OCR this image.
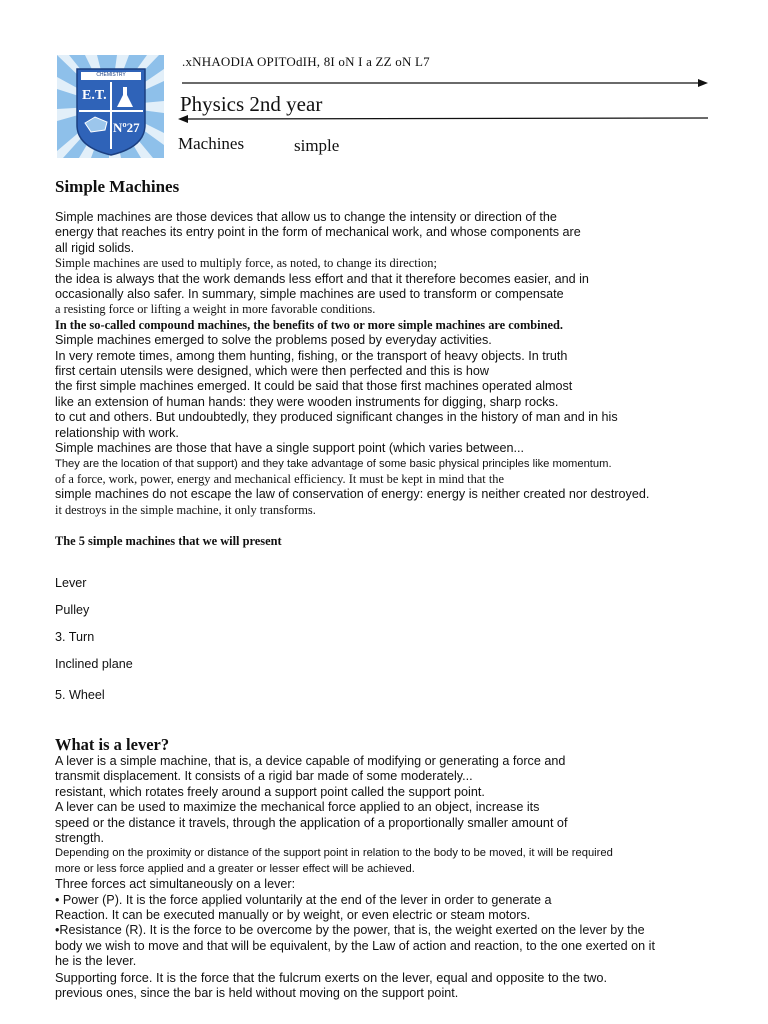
CHEMISTRY
E.T.
Nº27
.xNHAODIA OPITOdIH, 8I oN I a ZZ oN L7
Physics 2nd year
Machines	simple
Simple Machines
Simple machines are those devices that allow us to change the intensity or direction of the
energy that reaches its entry point in the form of mechanical work, and whose components are
all rigid solids.
Simple machines are used to multiply force, as noted, to change its direction;
the idea is always that the work demands less effort and that it therefore becomes easier, and in
occasionally also safer. In summary, simple machines are used to transform or compensate
a resisting force or lifting a weight in more favorable conditions.
In the so-called compound machines, the benefits of two or more simple machines are combined.
Simple machines emerged to solve the problems posed by everyday activities.
In very remote times, among them hunting, fishing, or the transport of heavy objects. In truth
first certain utensils were designed, which were then perfected and this is how
the first simple machines emerged. It could be said that those first machines operated almost
like an extension of human hands: they were wooden instruments for digging, sharp rocks.
to cut and others. But undoubtedly, they produced significant changes in the history of man and in his
relationship with work.
Simple machines are those that have a single support point (which varies between...
They are the location of that support) and they take advantage of some basic physical principles like momentum.
of a force, work, power, energy and mechanical efficiency. It must be kept in mind that the
simple machines do not escape the law of conservation of energy: energy is neither created nor destroyed.
it destroys in the simple machine, it only transforms.
The 5 simple machines that we will present
Lever
Pulley
3. Turn
Inclined plane
5. Wheel
What is a lever?
A lever is a simple machine, that is, a device capable of modifying or generating a force and
transmit displacement. It consists of a rigid bar made of some moderately...
resistant, which rotates freely around a support point called the support point.
A lever can be used to maximize the mechanical force applied to an object, increase its
speed or the distance it travels, through the application of a proportionally smaller amount of
strength.
Depending on the proximity or distance of the support point in relation to the body to be moved, it will be required
more or less force applied and a greater or lesser effect will be achieved.
Three forces act simultaneously on a lever:
• Power (P). It is the force applied voluntarily at the end of the lever in order to generate a
Reaction. It can be executed manually or by weight, or even electric or steam motors.
•Resistance (R). It is the force to be overcome by the power, that is, the weight exerted on the lever by the
body we wish to move and that will be equivalent, by the Law of action and reaction, to the one exerted on it
he is the lever.
Supporting force. It is the force that the fulcrum exerts on the lever, equal and opposite to the two.
previous ones, since the bar is held without moving on the support point.
